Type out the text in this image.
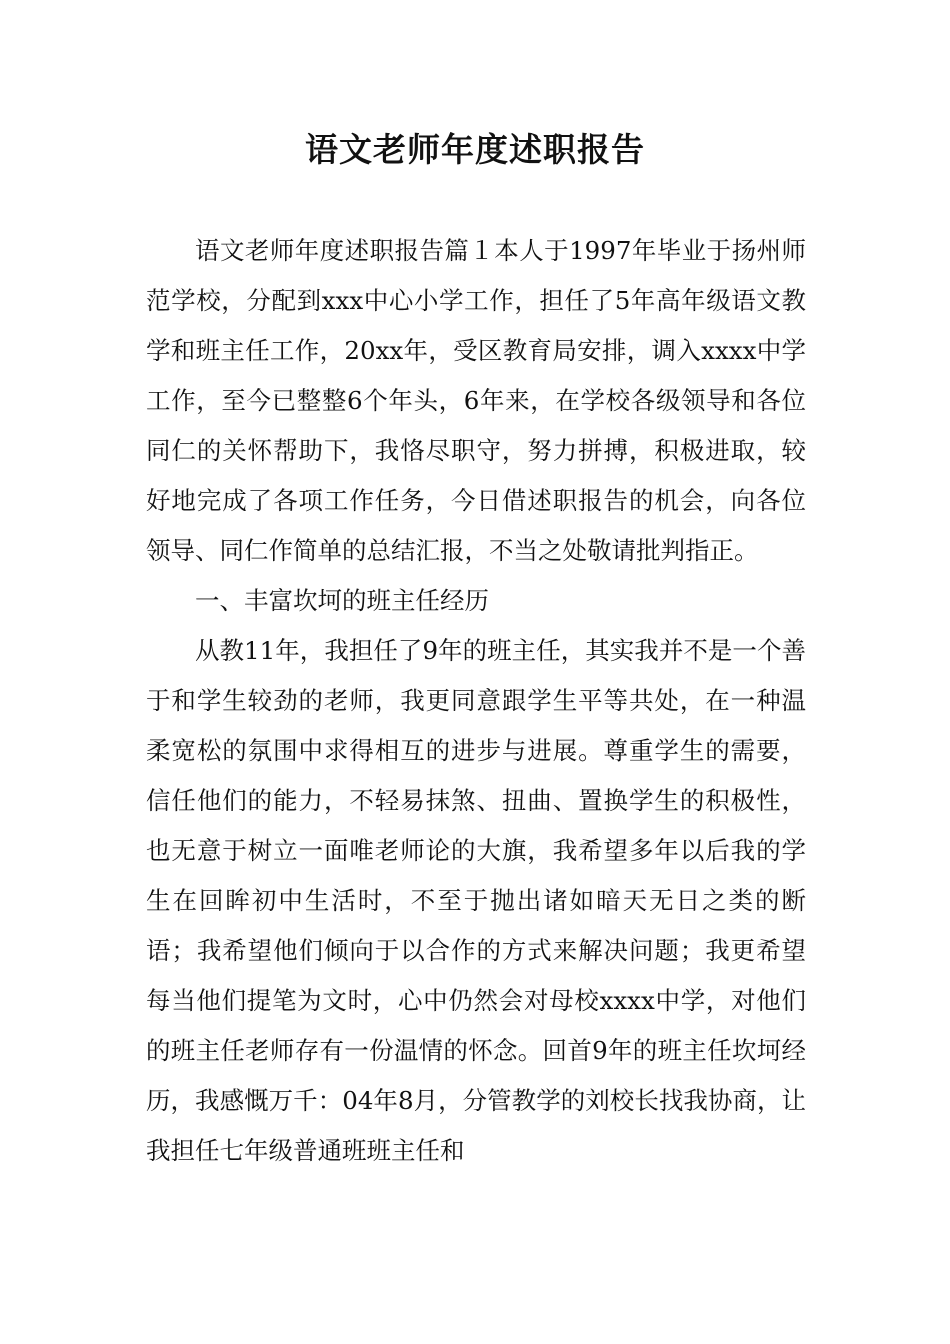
语文老师年度述职报告

语文老师年度述职报告篇１本人于1997年毕业于扬州师范学校，分配到xxx中心小学工作，担任了5年高年级语文教学和班主任工作，20xx年，受区教育局安排，调入xxxx中学工作，至今已整整6个年头，6年来，在学校各级领导和各位同仁的关怀帮助下，我恪尽职守，努力拼搏，积极进取，较好地完成了各项工作任务，今日借述职报告的机会，向各位领导、同仁作简单的总结汇报，不当之处敬请批判指正。

一、丰富坎坷的班主任经历

从教11年，我担任了9年的班主任，其实我并不是一个善于和学生较劲的老师，我更同意跟学生平等共处，在一种温柔宽松的氛围中求得相互的进步与进展。尊重学生的需要，信任他们的能力，不轻易抹煞、扭曲、置换学生的积极性，也无意于树立一面唯老师论的大旗，我希望多年以后我的学生在回眸初中生活时，不至于抛出诸如暗天无日之类的断语；我希望他们倾向于以合作的方式来解决问题；我更希望每当他们提笔为文时，心中仍然会对母校xxxx中学，对他们的班主任老师存有一份温情的怀念。回首9年的班主任坎坷经历，我感慨万千：04年8月，分管教学的刘校长找我协商，让我担任七年级普通班班主任和
